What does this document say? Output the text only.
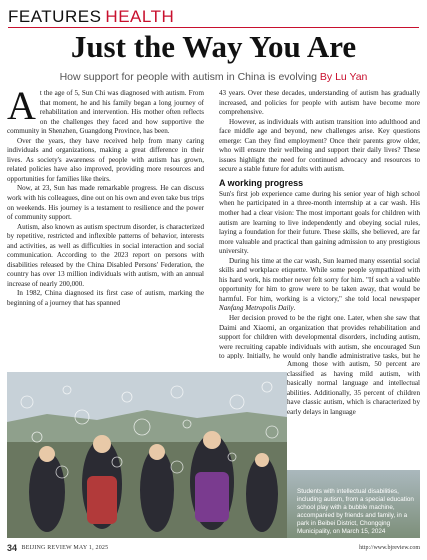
FEATURES HEALTH
Just the Way You Are
How support for people with autism in China is evolving By Lu Yan

At the age of 5, Sun Chi was diagnosed with autism. From that moment, he and his family began a long journey of rehabilitation and intervention. His mother often reflects on the challenges they faced and how supportive the community in Shenzhen, Guangdong Province, has been.

Over the years, they have received help from many caring individuals and organizations, making a great difference in their lives. As society's awareness of people with autism has grown, related policies have also improved, providing more resources and opportunities for families like theirs.

Now, at 23, Sun has made remarkable progress. He can discuss work with his colleagues, dine out on his own and even take bus trips on weekends. His journey is a testament to resilience and the power of community support.

Autism, also known as autism spectrum disorder, is characterized by repetitive, restricted and inflexible patterns of behavior, interests and activities, as well as difficulties in social interaction and social communication. According to the 2023 report on persons with disabilities released by the China Disabled Persons' Federation, the country has over 13 million individuals with autism, with an annual increase of nearly 200,000.

In 1982, China diagnosed its first case of autism, marking the beginning of a journey that has spanned

43 years. Over these decades, understanding of autism has gradually increased, and policies for people with autism have become more comprehensive.

However, as individuals with autism transition into adulthood and face middle age and beyond, new challenges arise. Key questions emerge: Can they find employment? Once their parents grow older, who will ensure their wellbeing and support their daily lives? These issues highlight the need for continued advocacy and resources to secure a stable future for adults with autism.

A working progress

Sun's first job experience came during his senior year of high school when he participated in a three-month internship at a car wash. His mother had a clear vision: The most important goals for children with autism are learning to live independently and obeying social rules, laying a foundation for their future. These skills, she believed, are far more valuable and practical than gaining admission to any prestigious university.

During his time at the car wash, Sun learned many essential social skills and workplace etiquette. While some people sympathized with his hard work, his mother never felt sorry for him. "If such a valuable opportunity for him to grow were to be taken away, that would be harmful. For him, working is a victory," she told local newspaper Nanfang Metropolis Daily.

Her decision proved to be the right one. Later, when she saw that Daimi and Xiaomi, an organization that provides rehabilitation and support for children with developmental disorders, including autism, were recruiting capable individuals with autism, she encouraged Sun to apply. Initially, he would only handle administrative tasks, but he

Among those with autism, 50 percent are classified as having mild autism, with basically normal language and intellectual abilities. Additionally, 35 percent of children have classic autism, which is characterized by early delays in language

Students with intellectual disabilities, including autism, from a special education school play with a bubble machine, accompanied by friends and family, in a park in Beibei District, Chongqing Municipality, on March 15, 2024
34 BEIJING REVIEW MAY 1, 2025	http://www.bjreview.com
